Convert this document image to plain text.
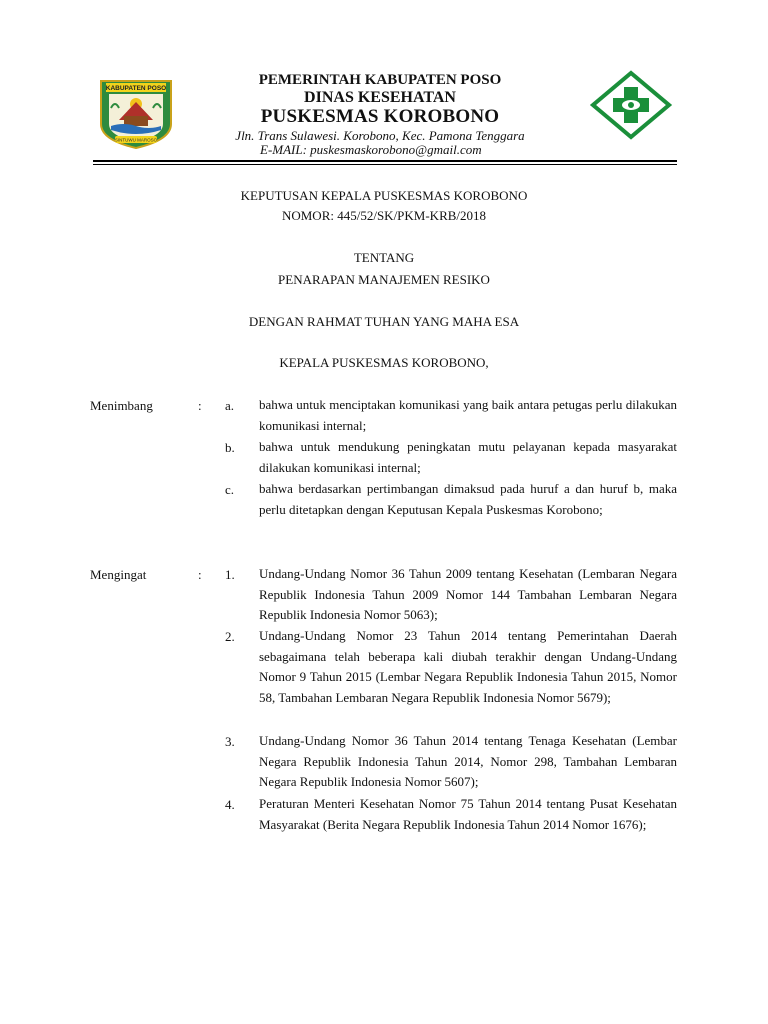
KABUPATEN POSO
SINTUWU MAROSO
PEMERINTAH KABUPATEN POSO
DINAS KESEHATAN
PUSKESMAS KOROBONO
Jln. Trans Sulawesi. Korobono, Kec. Pamona Tenggara
E-MAIL: puskesmaskorobono@gmail.com
KEPUTUSAN KEPALA PUSKESMAS KOROBONO
NOMOR: 445/52/SK/PKM-KRB/2018
TENTANG
PENARAPAN MANAJEMEN RESIKO
DENGAN RAHMAT TUHAN YANG MAHA ESA
KEPALA PUSKESMAS KOROBONO,
Menimbang	: a. bahwa untuk menciptakan komunikasi yang baik antara petugas perlu dilakukan komunikasi internal;

b. bahwa untuk mendukung peningkatan mutu pelayanan kepada masyarakat dilakukan komunikasi internal;

c. bahwa berdasarkan pertimbangan dimaksud pada huruf a dan huruf b, maka perlu ditetapkan dengan Keputusan Kepala Puskesmas Korobono;

Mengingat	: 1. Undang-Undang Nomor 36 Tahun 2009 tentang Kesehatan (Lembaran Negara Republik Indonesia Tahun 2009 Nomor 144 Tambahan Lembaran Negara Republik Indonesia Nomor 5063);

2. Undang-Undang Nomor 23 Tahun 2014 tentang Pemerintahan Daerah sebagaimana telah beberapa kali diubah terakhir dengan Undang-Undang Nomor 9 Tahun 2015 (Lembar Negara Republik Indonesia Tahun 2015, Nomor 58, Tambahan Lembaran Negara Republik Indonesia Nomor 5679);

3. Undang-Undang Nomor 36 Tahun 2014 tentang Tenaga Kesehatan (Lembar Negara Republik Indonesia Tahun 2014, Nomor 298, Tambahan Lembaran Negara Republik Indonesia Nomor 5607);

4. Peraturan Menteri Kesehatan Nomor 75 Tahun 2014 tentang Pusat Kesehatan Masyarakat (Berita Negara Republik Indonesia Tahun 2014 Nomor 1676);
